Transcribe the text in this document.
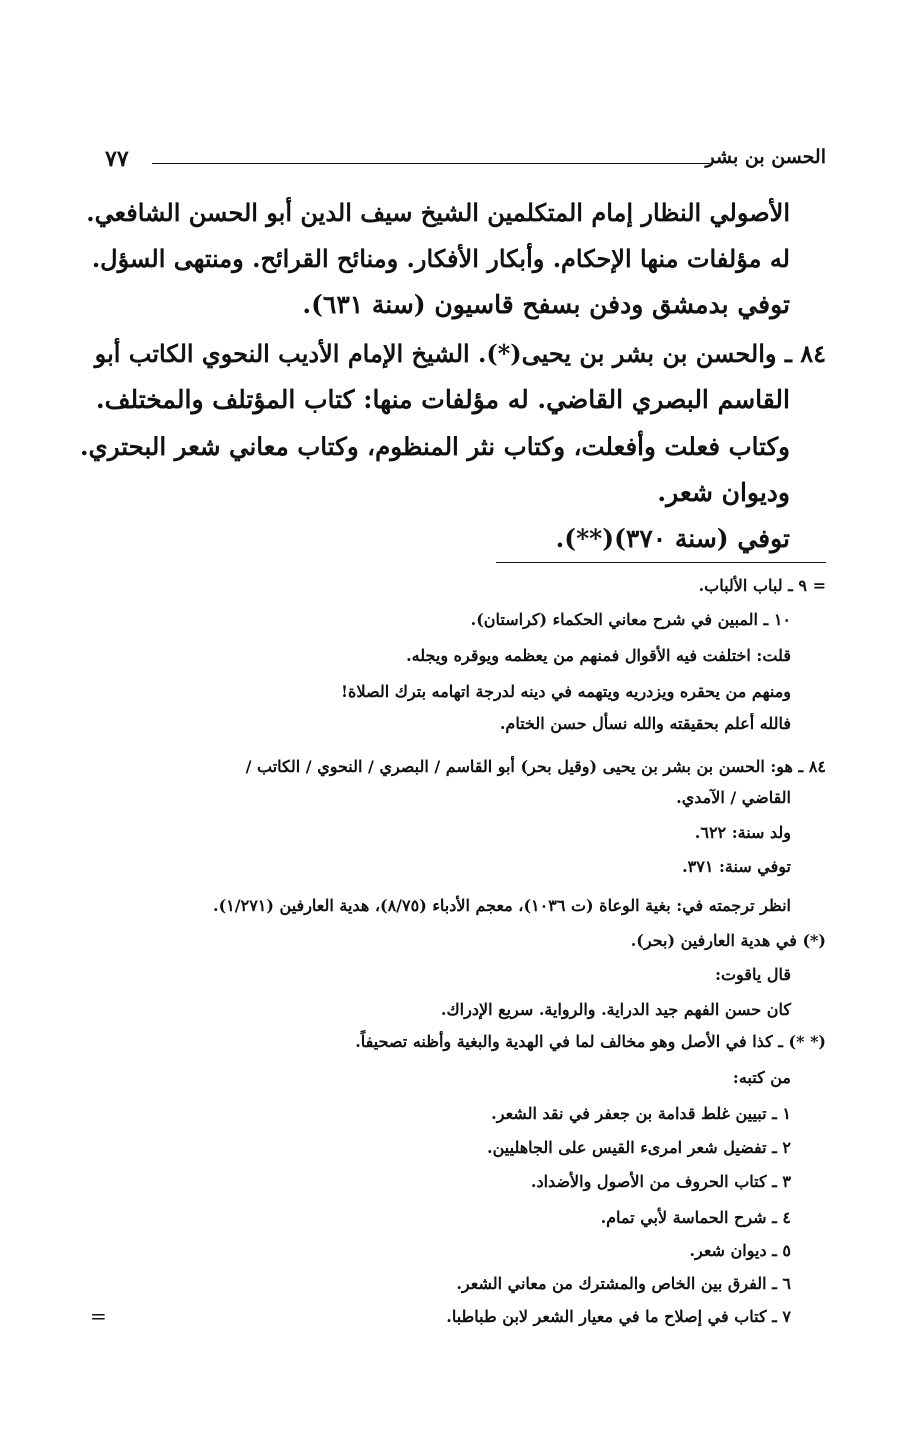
الحسن بن بشر
٧٧
الأصولي النظار إمام المتكلمين الشيخ سيف الدين أبو الحسن الشافعي.
له مؤلفات منها الإحكام. وأبكار الأفكار. ومنائح القرائح. ومنتهى السؤل.
توفي بدمشق ودفن بسفح قاسيون (سنة ٦٣١).
٨٤ ـ والحسن بن بشر بن يحيى(*). الشيخ الإمام الأديب النحوي الكاتب أبو
القاسم البصري القاضي. له مؤلفات منها: كتاب المؤتلف والمختلف.
وكتاب فعلت وأفعلت، وكتاب نثر المنظوم، وكتاب معاني شعر البحتري.
وديوان شعر.
توفي (سنة ٣٧٠)(**).
= ٩ ـ لباب الألباب.
١٠ ـ المبين في شرح معاني الحكماء (كراستان).
قلت: اختلفت فيه الأقوال فمنهم من يعظمه ويوقره ويجله.
ومنهم من يحقره ويزدريه ويتهمه في دينه لدرجة اتهامه بترك الصلاة!
فالله أعلم بحقيقته والله نسأل حسن الختام.
٨٤ ـ هو: الحسن بن بشر بن يحيى (وقيل بحر) أبو القاسم / البصري / النحوي / الكاتب /
القاضي / الآمدي.
ولد سنة: ٦٢٢.
توفي سنة: ٣٧١.
انظر ترجمته في: بغية الوعاة (ت ١٠٣٦)، معجم الأدباء (٨/٧٥)، هدية العارفين (١/٢٧١).
(*) في هدية العارفين (بحر).
قال ياقوت:
كان حسن الفهم جيد الدراية. والرواية. سريع الإدراك.
(* *) ـ كذا في الأصل وهو مخالف لما في الهدية والبغية وأظنه تصحيفاً.
من كتبه:
١ ـ تبيين غلط قدامة بن جعفر في نقد الشعر.
٢ ـ تفضيل شعر امرىء القيس على الجاهليين.
٣ ـ كتاب الحروف من الأصول والأضداد.
٤ ـ شرح الحماسة لأبي تمام.
٥ ـ ديوان شعر.
٦ ـ الفرق بين الخاص والمشترك من معاني الشعر.
٧ ـ كتاب في إصلاح ما في معيار الشعر لابن طباطبا.
=
